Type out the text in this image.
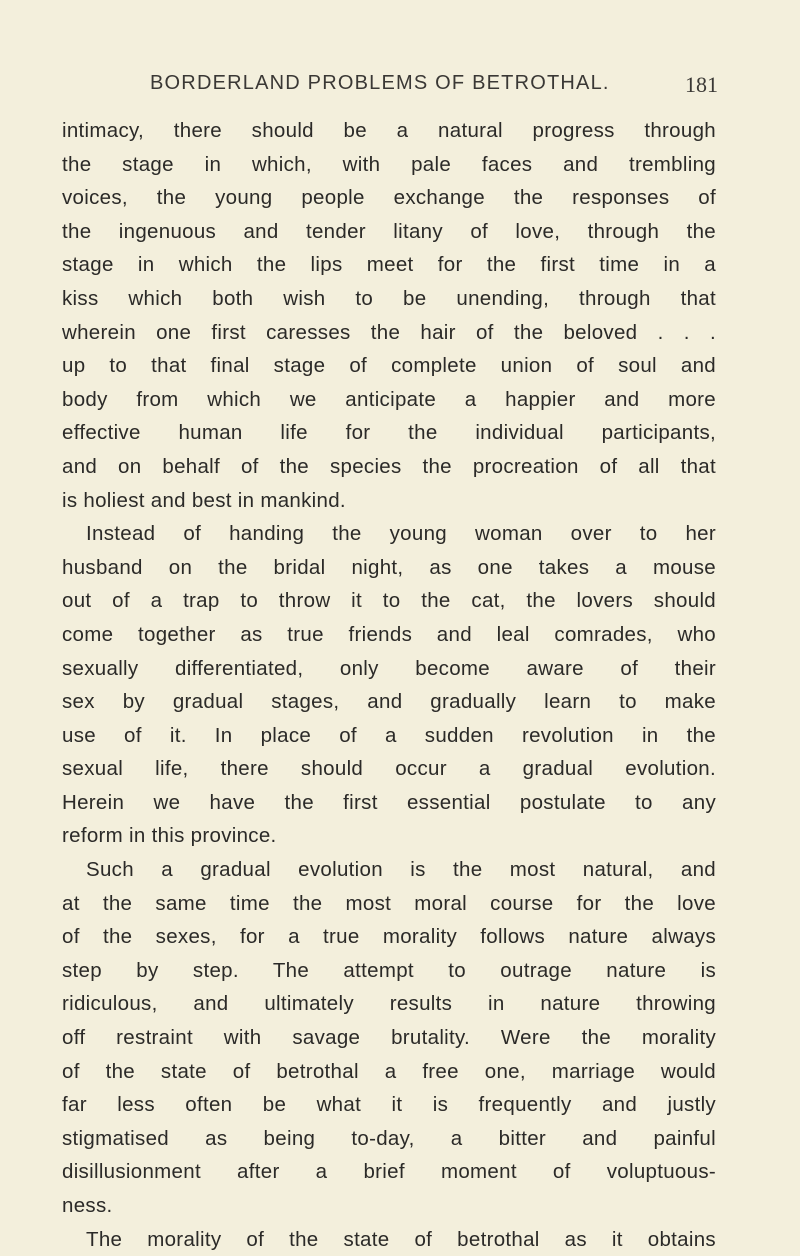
BORDERLAND PROBLEMS OF BETROTHAL.	181
intimacy, there should be a natural progress through
the stage in which, with pale faces and trembling
voices, the young people exchange the responses of
the ingenuous and tender litany of love, through the
stage in which the lips meet for the first time in a
kiss which both wish to be unending, through that
wherein one first caresses the hair of the beloved . . .
up to that final stage of complete union of soul and
body from which we anticipate a happier and more
effective human life for the individual participants,
and on behalf of the species the procreation of all that
is holiest and best in mankind.
Instead of handing the young woman over to her
husband on the bridal night, as one takes a mouse
out of a trap to throw it to the cat, the lovers should
come together as true friends and leal comrades, who
sexually differentiated, only become aware of their
sex by gradual stages, and gradually learn to make
use of it. In place of a sudden revolution in the
sexual life, there should occur a gradual evolution.
Herein we have the first essential postulate to any
reform in this province.
Such a gradual evolution is the most natural, and
at the same time the most moral course for the love
of the sexes, for a true morality follows nature always
step by step. The attempt to outrage nature is
ridiculous, and ultimately results in nature throwing
off restraint with savage brutality. Were the morality
of the state of betrothal a free one, marriage would
far less often be what it is frequently and justly
stigmatised as being to-day, a bitter and painful
disillusionment after a brief moment of voluptuous-
ness.
The morality of the state of betrothal as it obtains
